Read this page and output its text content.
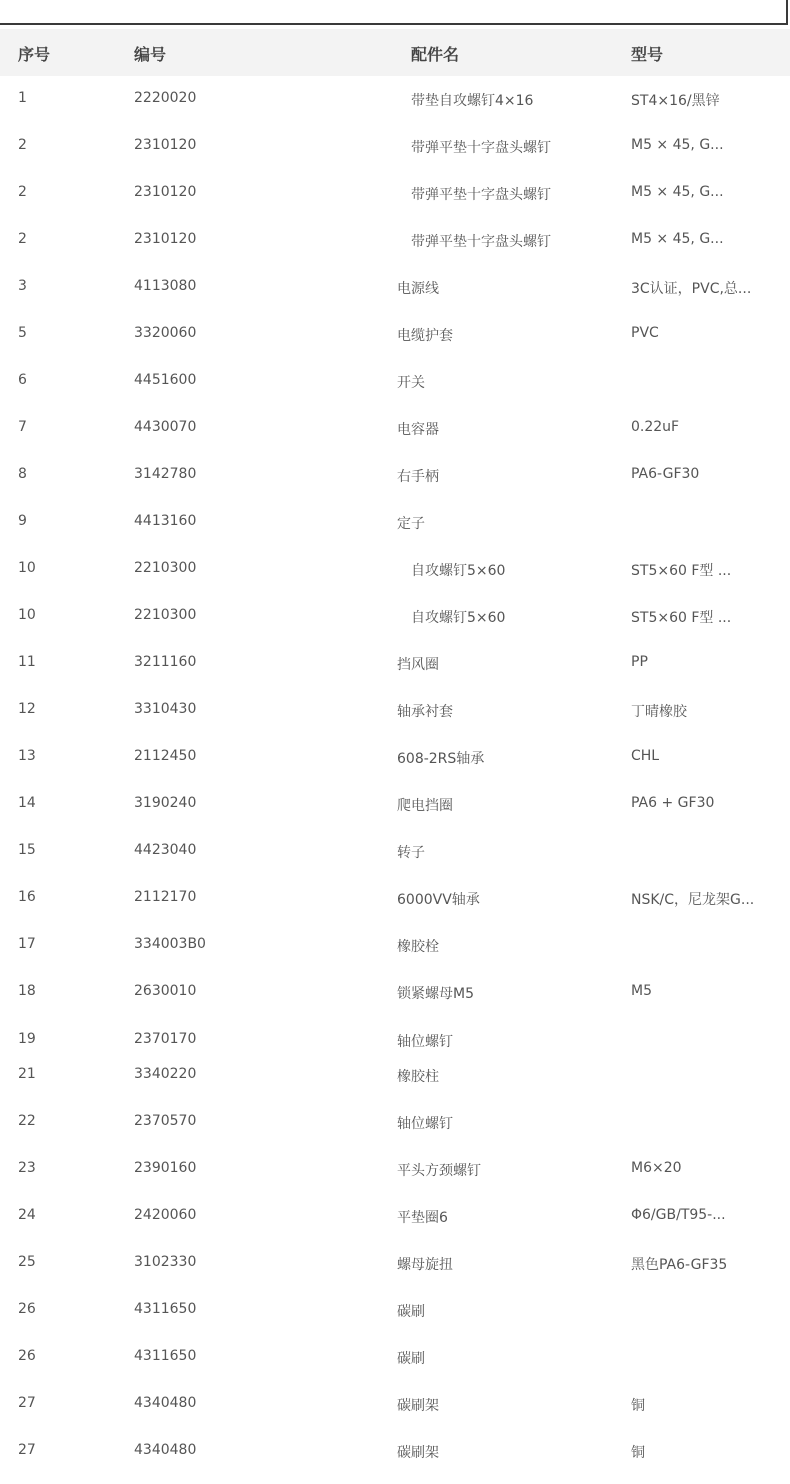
序号	编号	配件名	型号
1	2220020	带垫自攻螺钉4×16	ST4×16/黑锌
2	2310120	带弹平垫十字盘头螺钉	M5 × 45, G...
2	2310120	带弹平垫十字盘头螺钉	M5 × 45, G...
2	2310120	带弹平垫十字盘头螺钉	M5 × 45, G...
3	4113080	电源线	3C认证，PVC,总...
5	3320060	电缆护套	PVC
6	4451600	开关
7	4430070	电容器	0.22uF
8	3142780	右手柄	PA6-GF30
9	4413160	定子
10	2210300	自攻螺钉5×60	ST5×60 F型 ...
10	2210300	自攻螺钉5×60	ST5×60 F型 ...
11	3211160	挡风圈	PP
12	3310430	轴承衬套	丁晴橡胶
13	2112450	608-2RS轴承	CHL
14	3190240	爬电挡圈	PA6 + GF30
15	4423040	转子
16	2112170	6000VV轴承	NSK/C，尼龙架G...
17	334003B0	橡胶栓
18	2630010	锁紧螺母M5	M5
19	2370170	轴位螺钉
21	3340220	橡胶柱
22	2370570	轴位螺钉
23	2390160	平头方颈螺钉	M6×20
24	2420060	平垫圈6	Φ6/GB/T95-...
25	3102330	螺母旋扭	黑色PA6-GF35
26	4311650	碳刷
26	4311650	碳刷
27	4340480	碳刷架	铜
27	4340480	碳刷架	铜
